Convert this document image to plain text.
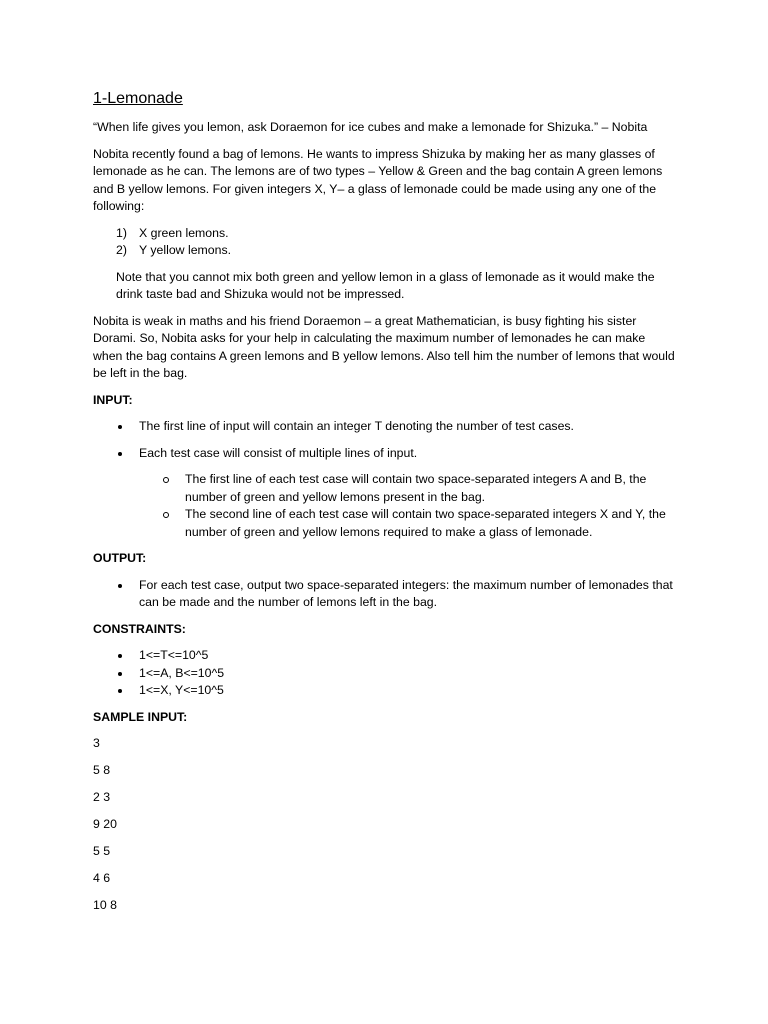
1-Lemonade

“When life gives you lemon, ask Doraemon for ice cubes and make a lemonade for Shizuka.” – Nobita

Nobita recently found a bag of lemons. He wants to impress Shizuka by making her as many glasses of lemonade as he can. The lemons are of two types – Yellow & Green and the bag contain A green lemons and B yellow lemons. For given integers X, Y– a glass of lemonade could be made using any one of the following:

1) X green lemons.
2) Y yellow lemons.

Note that you cannot mix both green and yellow lemon in a glass of lemonade as it would make the drink taste bad and Shizuka would not be impressed.

Nobita is weak in maths and his friend Doraemon – a great Mathematician, is busy fighting his sister Dorami. So, Nobita asks for your help in calculating the maximum number of lemonades he can make when the bag contains A green lemons and B yellow lemons. Also tell him the number of lemons that would be left in the bag.

INPUT:
The first line of input will contain an integer T denoting the number of test cases.
Each test case will consist of multiple lines of input.
The first line of each test case will contain two space-separated integers A and B, the number of green and yellow lemons present in the bag.
The second line of each test case will contain two space-separated integers X and Y, the number of green and yellow lemons required to make a glass of lemonade.
OUTPUT:
For each test case, output two space-separated integers: the maximum number of lemonades that can be made and the number of lemons left in the bag.
CONSTRAINTS:
1<=T<=10^5
1<=A, B<=10^5
1<=X, Y<=10^5
SAMPLE INPUT:
3
5 8
2 3
9 20
5 5
4 6
10 8
